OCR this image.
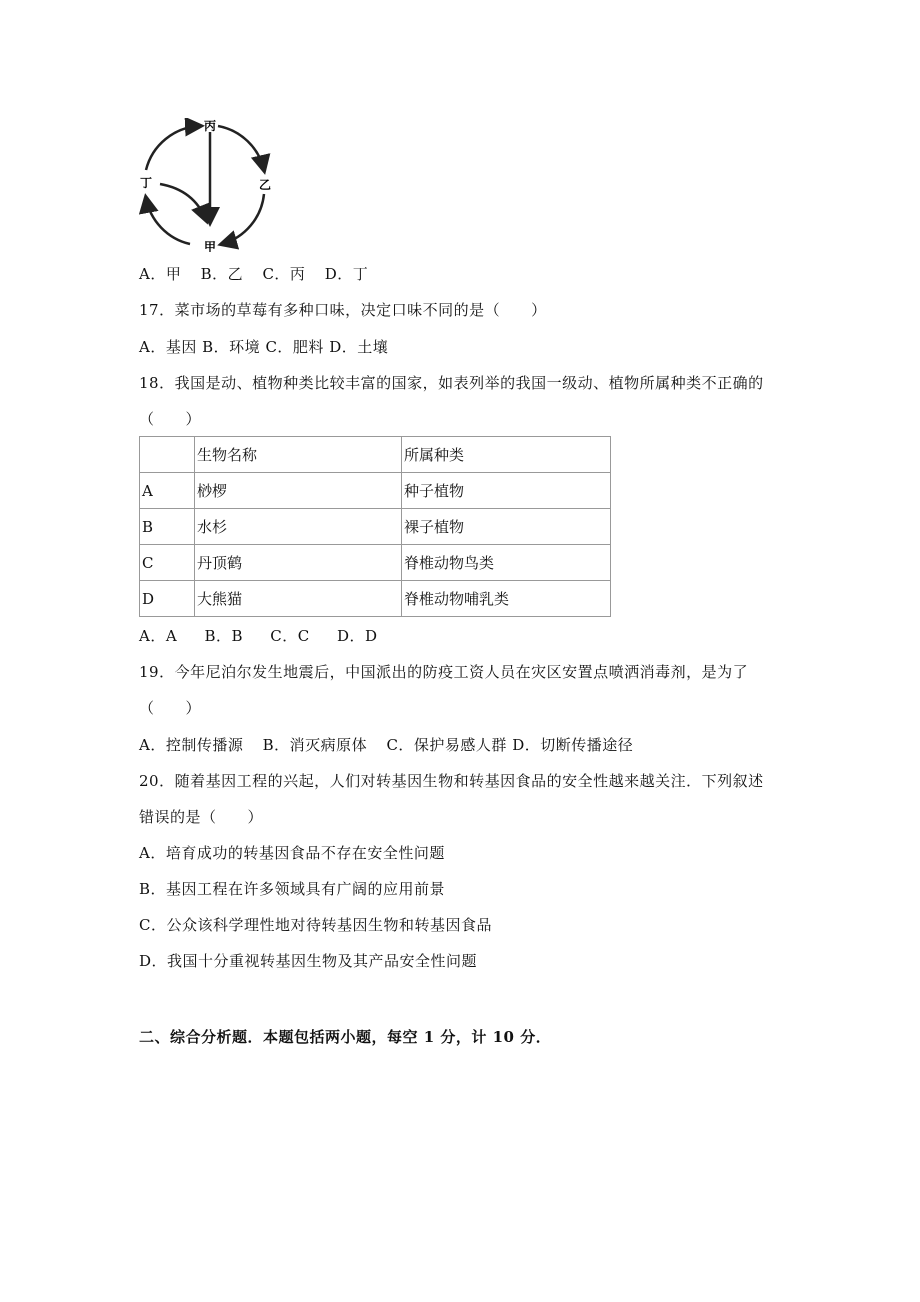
丙
乙
甲
丁
A．甲 B．乙 C．丙 D．丁
17．菜市场的草莓有多种口味，决定口味不同的是（　　）
A．基因 B．环境 C．肥料 D．土壤
18．我国是动、植物种类比较丰富的国家，如表列举的我国一级动、植物所属种类不正确的
（　　）
	生物名称	所属种类
A	桫椤	种子植物
B	水杉	裸子植物
C	丹顶鹤	脊椎动物鸟类
D	大熊猫	脊椎动物哺乳类
A．A B．B C．C D．D
19．今年尼泊尔发生地震后，中国派出的防疫工资人员在灾区安置点喷洒消毒剂，是为了
（　　）
A．控制传播源 B．消灭病原体 C．保护易感人群 D．切断传播途径
20．随着基因工程的兴起，人们对转基因生物和转基因食品的安全性越来越关注．下列叙述
错误的是（　　）
A．培育成功的转基因食品不存在安全性问题
B．基因工程在许多领域具有广阔的应用前景
C．公众该科学理性地对待转基因生物和转基因食品
D．我国十分重视转基因生物及其产品安全性问题
二、综合分析题．本题包括两小题，每空 1 分，计 10 分．
